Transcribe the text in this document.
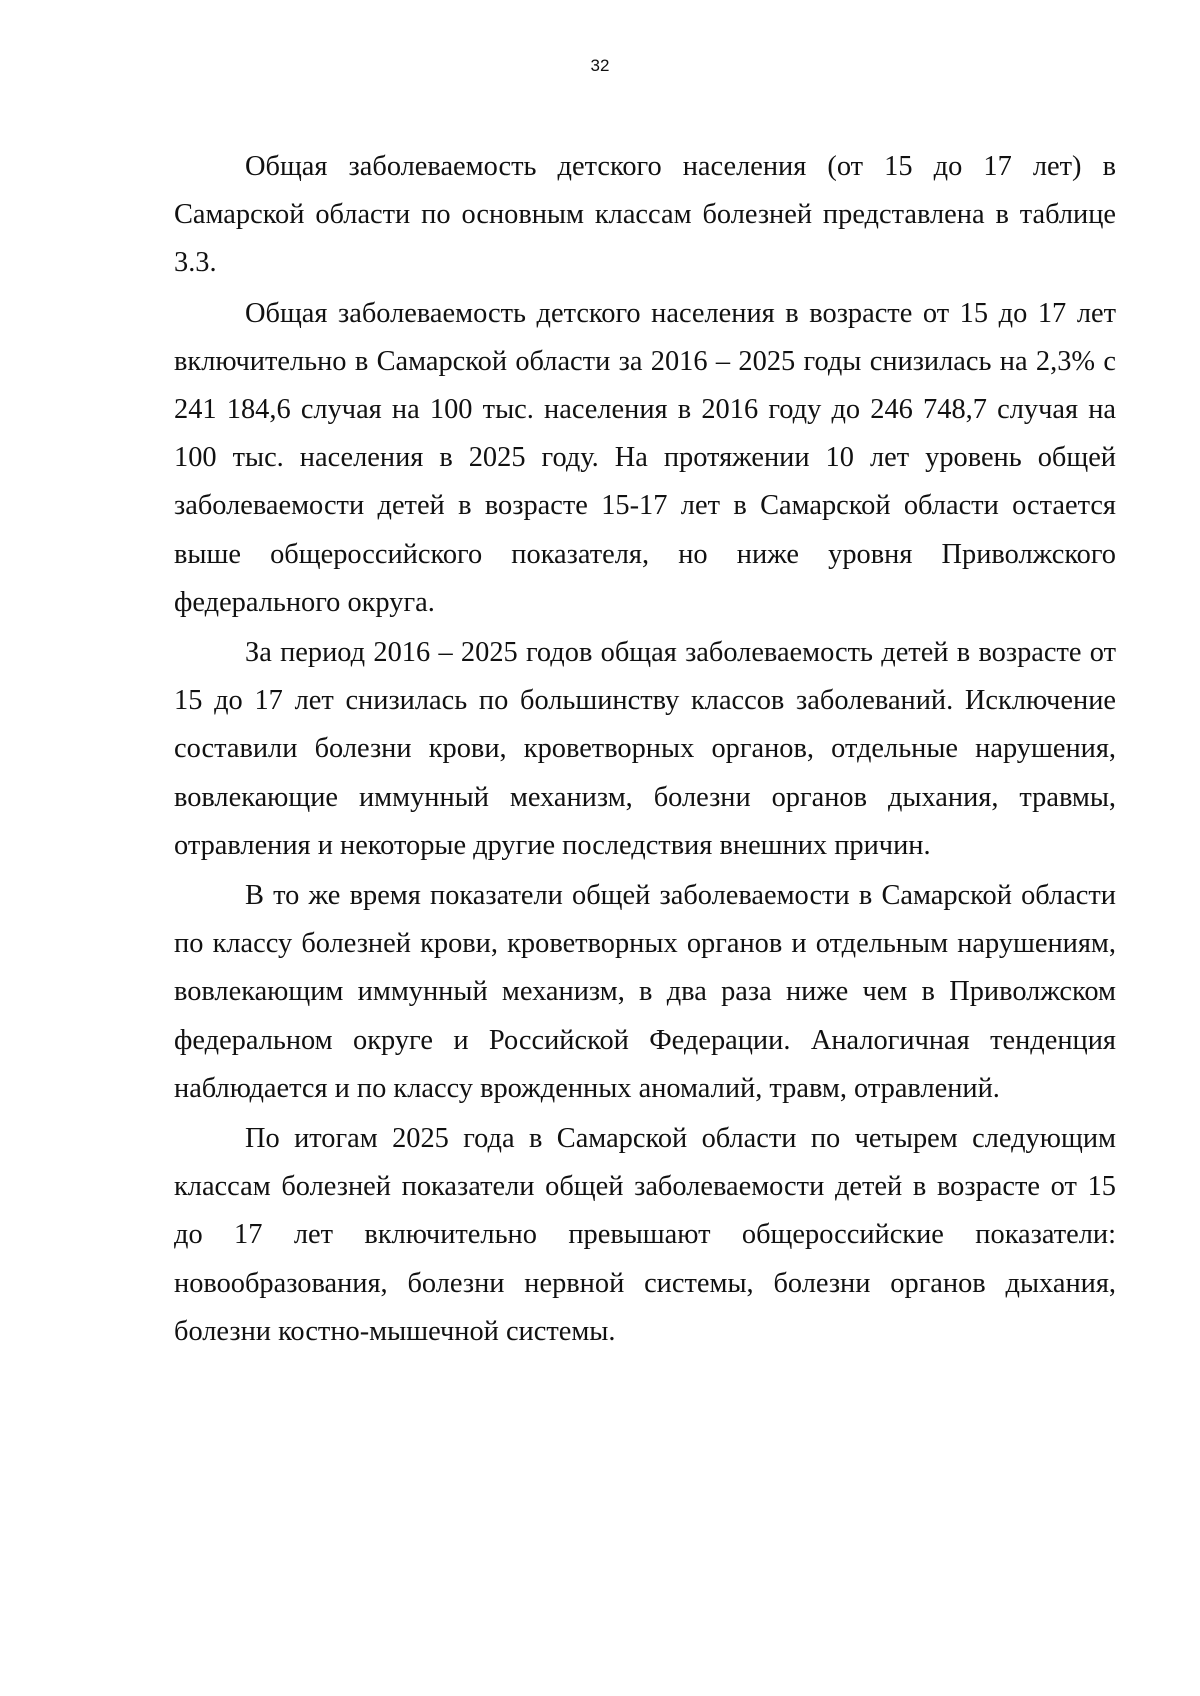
32

Общая заболеваемость детского населения (от 15 до 17 лет) в Самарской области по основным классам болезней представлена в таблице 3.3.

Общая заболеваемость детского населения в возрасте от 15 до 17 лет включительно в Самарской области за 2016 – 2025 годы снизилась на 2,3% с 241 184,6 случая на 100 тыс. населения в 2016 году до 246 748,7 случая на 100 тыс. населения в 2025 году. На протяжении 10 лет уровень общей заболеваемости детей в возрасте 15-17 лет в Самарской области остается выше общероссийского показателя, но ниже уровня Приволжского федерального округа.

За период 2016 – 2025 годов общая заболеваемость детей в возрасте от 15 до 17 лет снизилась по большинству классов заболеваний. Исключение составили болезни крови, кроветворных органов, отдельные нарушения, вовлекающие иммунный механизм, болезни органов дыхания, травмы, отравления и некоторые другие последствия внешних причин.

В то же время показатели общей заболеваемости в Самарской области по классу болезней крови, кроветворных органов и отдельным нарушениям, вовлекающим иммунный механизм, в два раза ниже чем в Приволжском федеральном округе и Российской Федерации. Аналогичная тенденция наблюдается и по классу врожденных аномалий, травм, отравлений.

По итогам 2025 года в Самарской области по четырем следующим классам болезней показатели общей заболеваемости детей в возрасте от 15 до 17 лет включительно превышают общероссийские показатели: новообразования, болезни нервной системы, болезни органов дыхания, болезни костно-мышечной системы.
